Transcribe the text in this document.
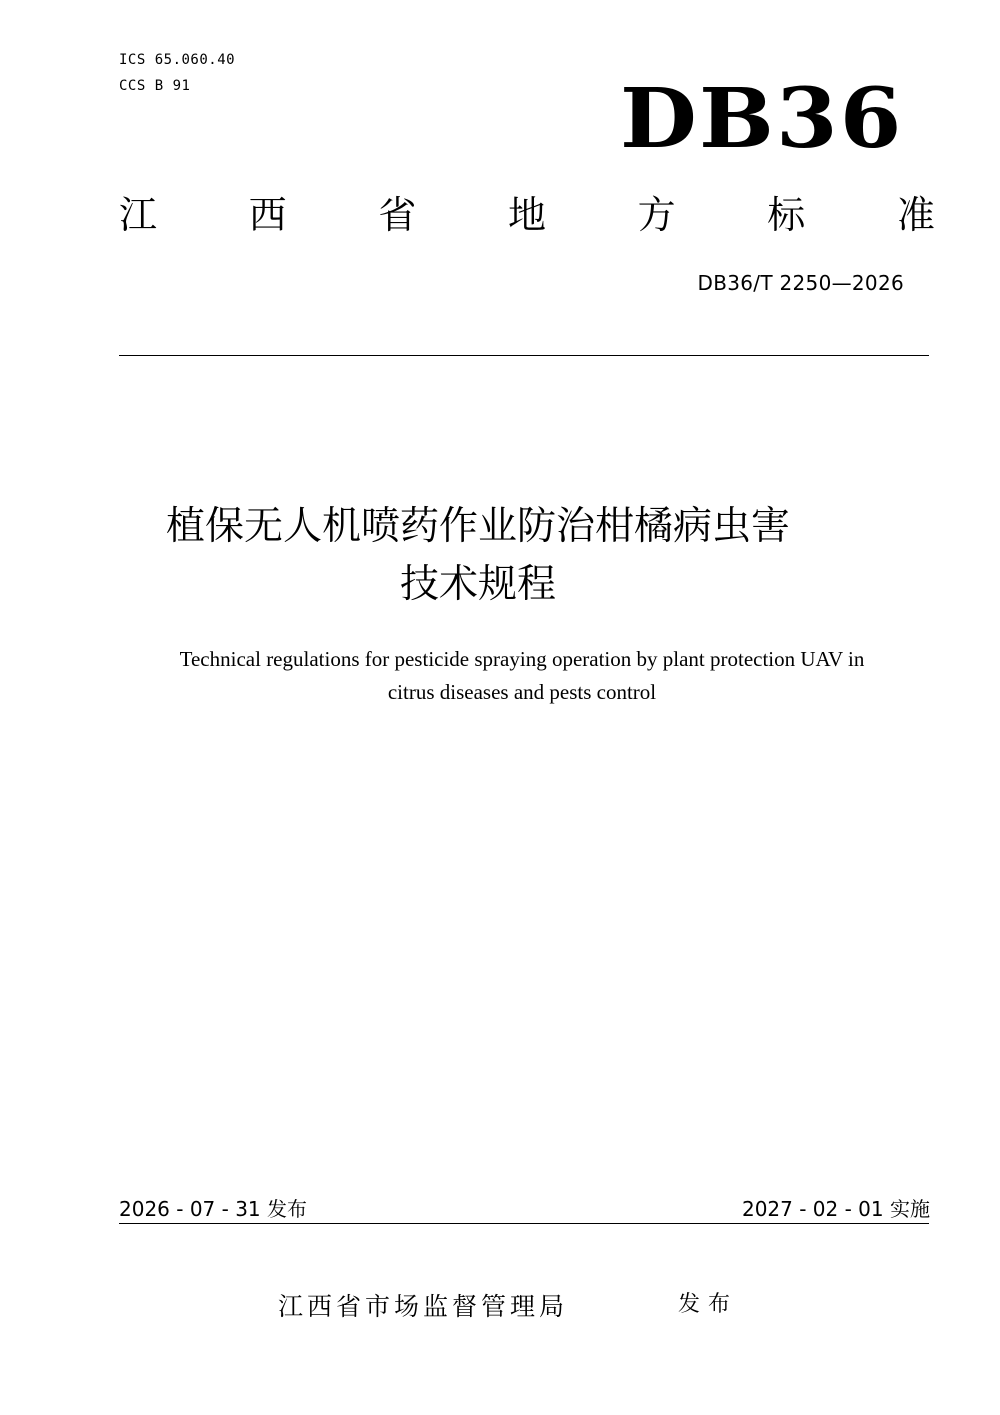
ICS 65.060.40
CCS B 91	DB36
江 西 省 地 方 标 准
DB36/T 2250—2026
植保无人机喷药作业防治柑橘病虫害
技术规程
Technical regulations for pesticide spraying operation by plant protection UAV in
citrus diseases and pests control
2026 - 07 - 31 发布	2027 - 02 - 01 实施
江西省市场监督管理局	发布
